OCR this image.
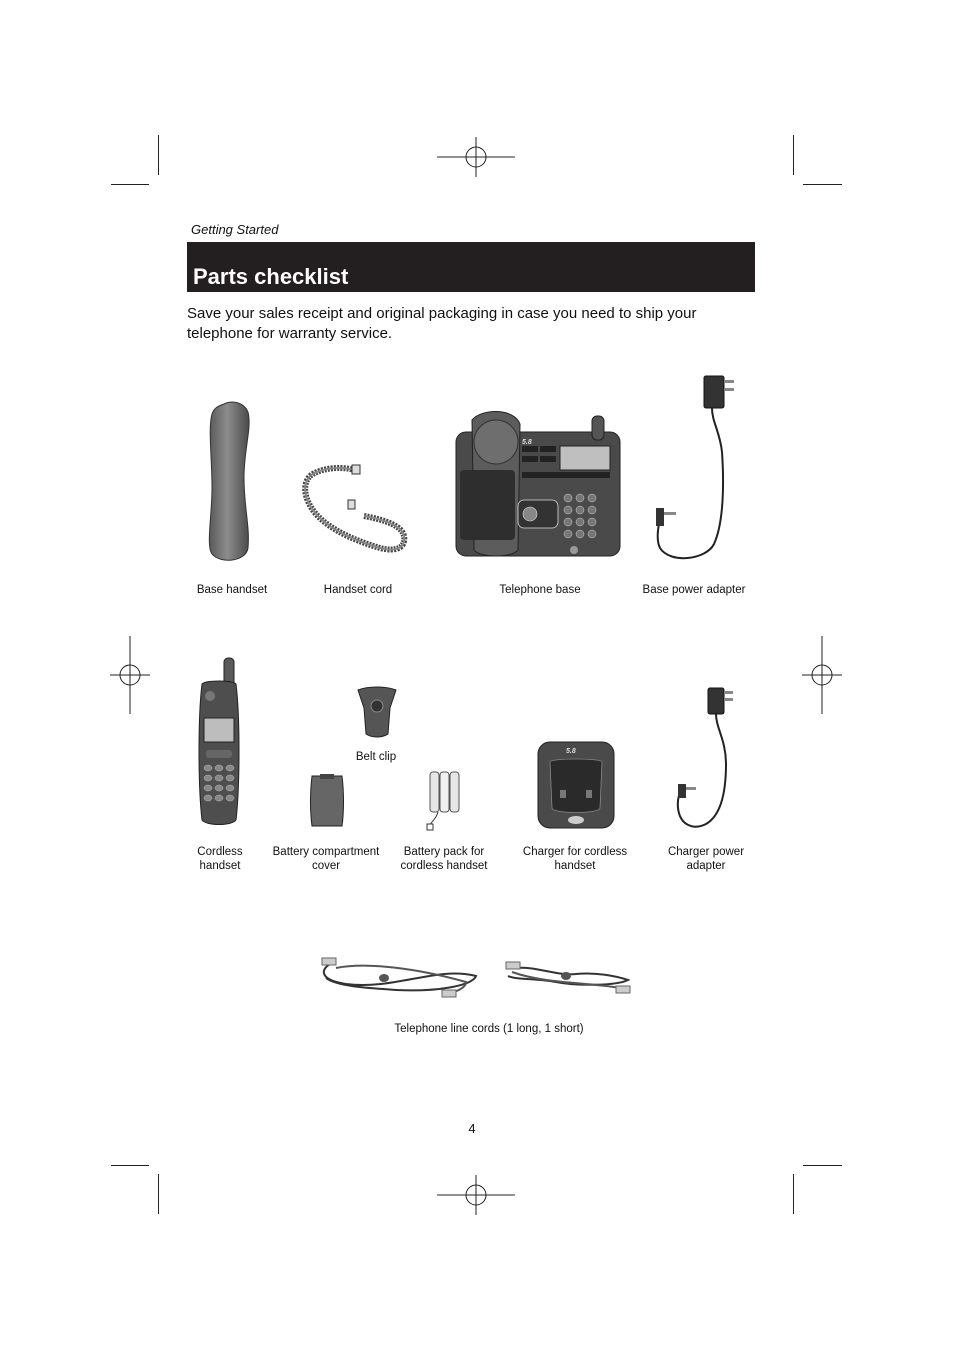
Getting Started
Parts checklist
Save your sales receipt and original packaging in case you need to ship your telephone for warranty service.
Base handset	Handset cord
5.8
Telephone base	Base power adapter
Cordless handset
Belt clip
Battery compartment cover
Battery pack for cordless handset
5.8
Charger for cordless handset
Charger power adapter
Telephone line cords (1 long, 1 short)
4
